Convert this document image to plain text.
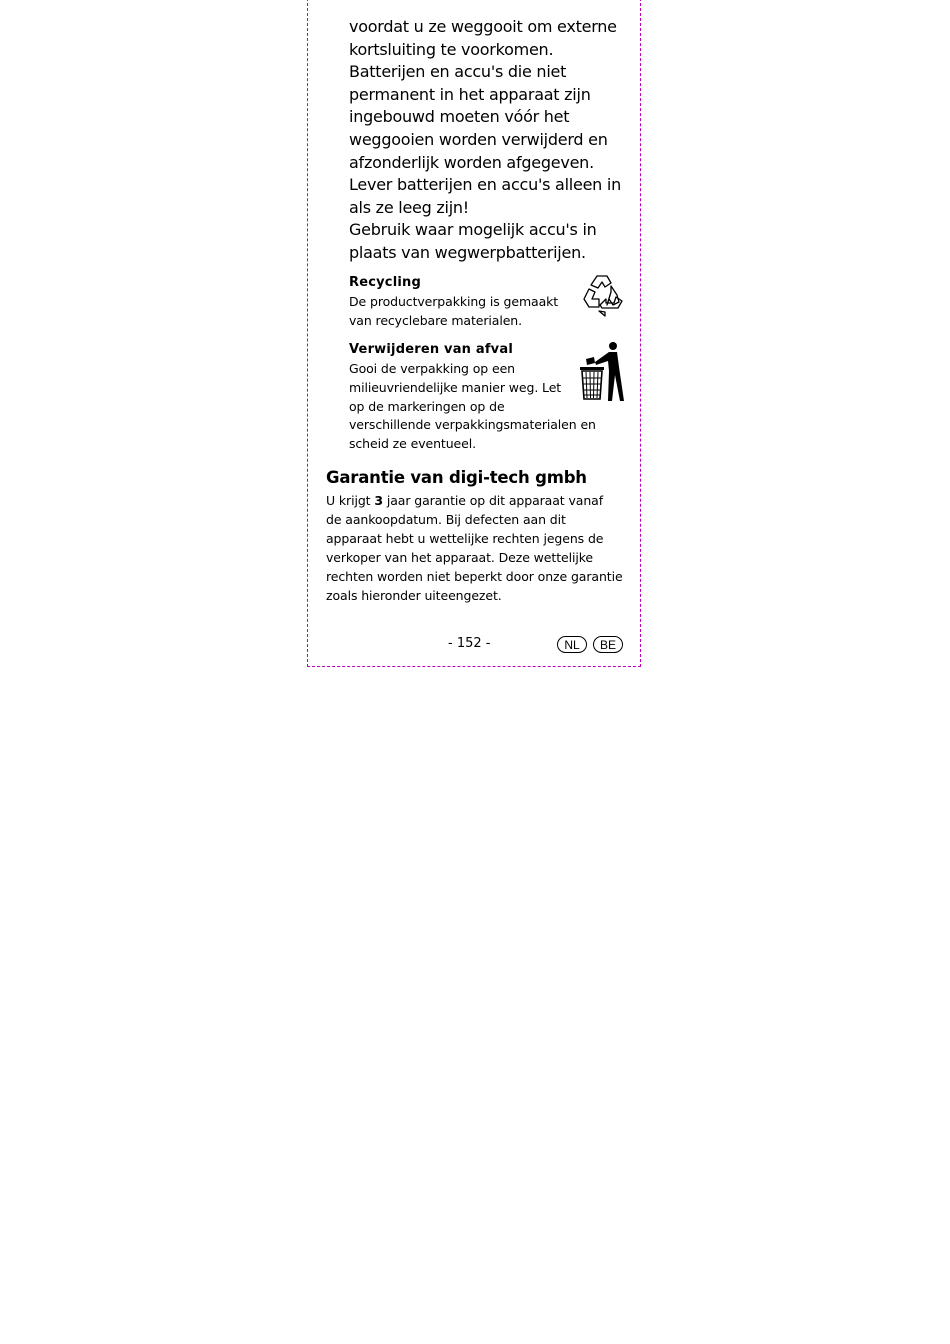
voordat u ze weggooit om externe
kortsluiting te voorkomen.
Batterijen en accu's die niet
permanent in het apparaat zijn
ingebouwd moeten vóór het
weggooien worden verwijderd en
afzonderlijk worden afgegeven.
Lever batterijen en accu's alleen in
als ze leeg zijn!
Gebruik waar mogelijk accu's in
plaats van wegwerpbatterijen.
Recycling
De productverpakking is gemaakt
van recyclebare materialen.
Verwijderen van afval
Gooi de verpakking op een
milieuvriendelijke manier weg. Let
op de markeringen op de
verschillende verpakkingsmaterialen en
scheid ze eventueel.
Garantie van digi-tech gmbh
U krijgt 3 jaar garantie op dit apparaat vanaf
de aankoopdatum. Bij defecten aan dit
apparaat hebt u wettelijke rechten jegens de
verkoper van het apparaat. Deze wettelijke
rechten worden niet beperkt door onze garantie
zoals hieronder uiteengezet.
- 152 -	NL	BE
